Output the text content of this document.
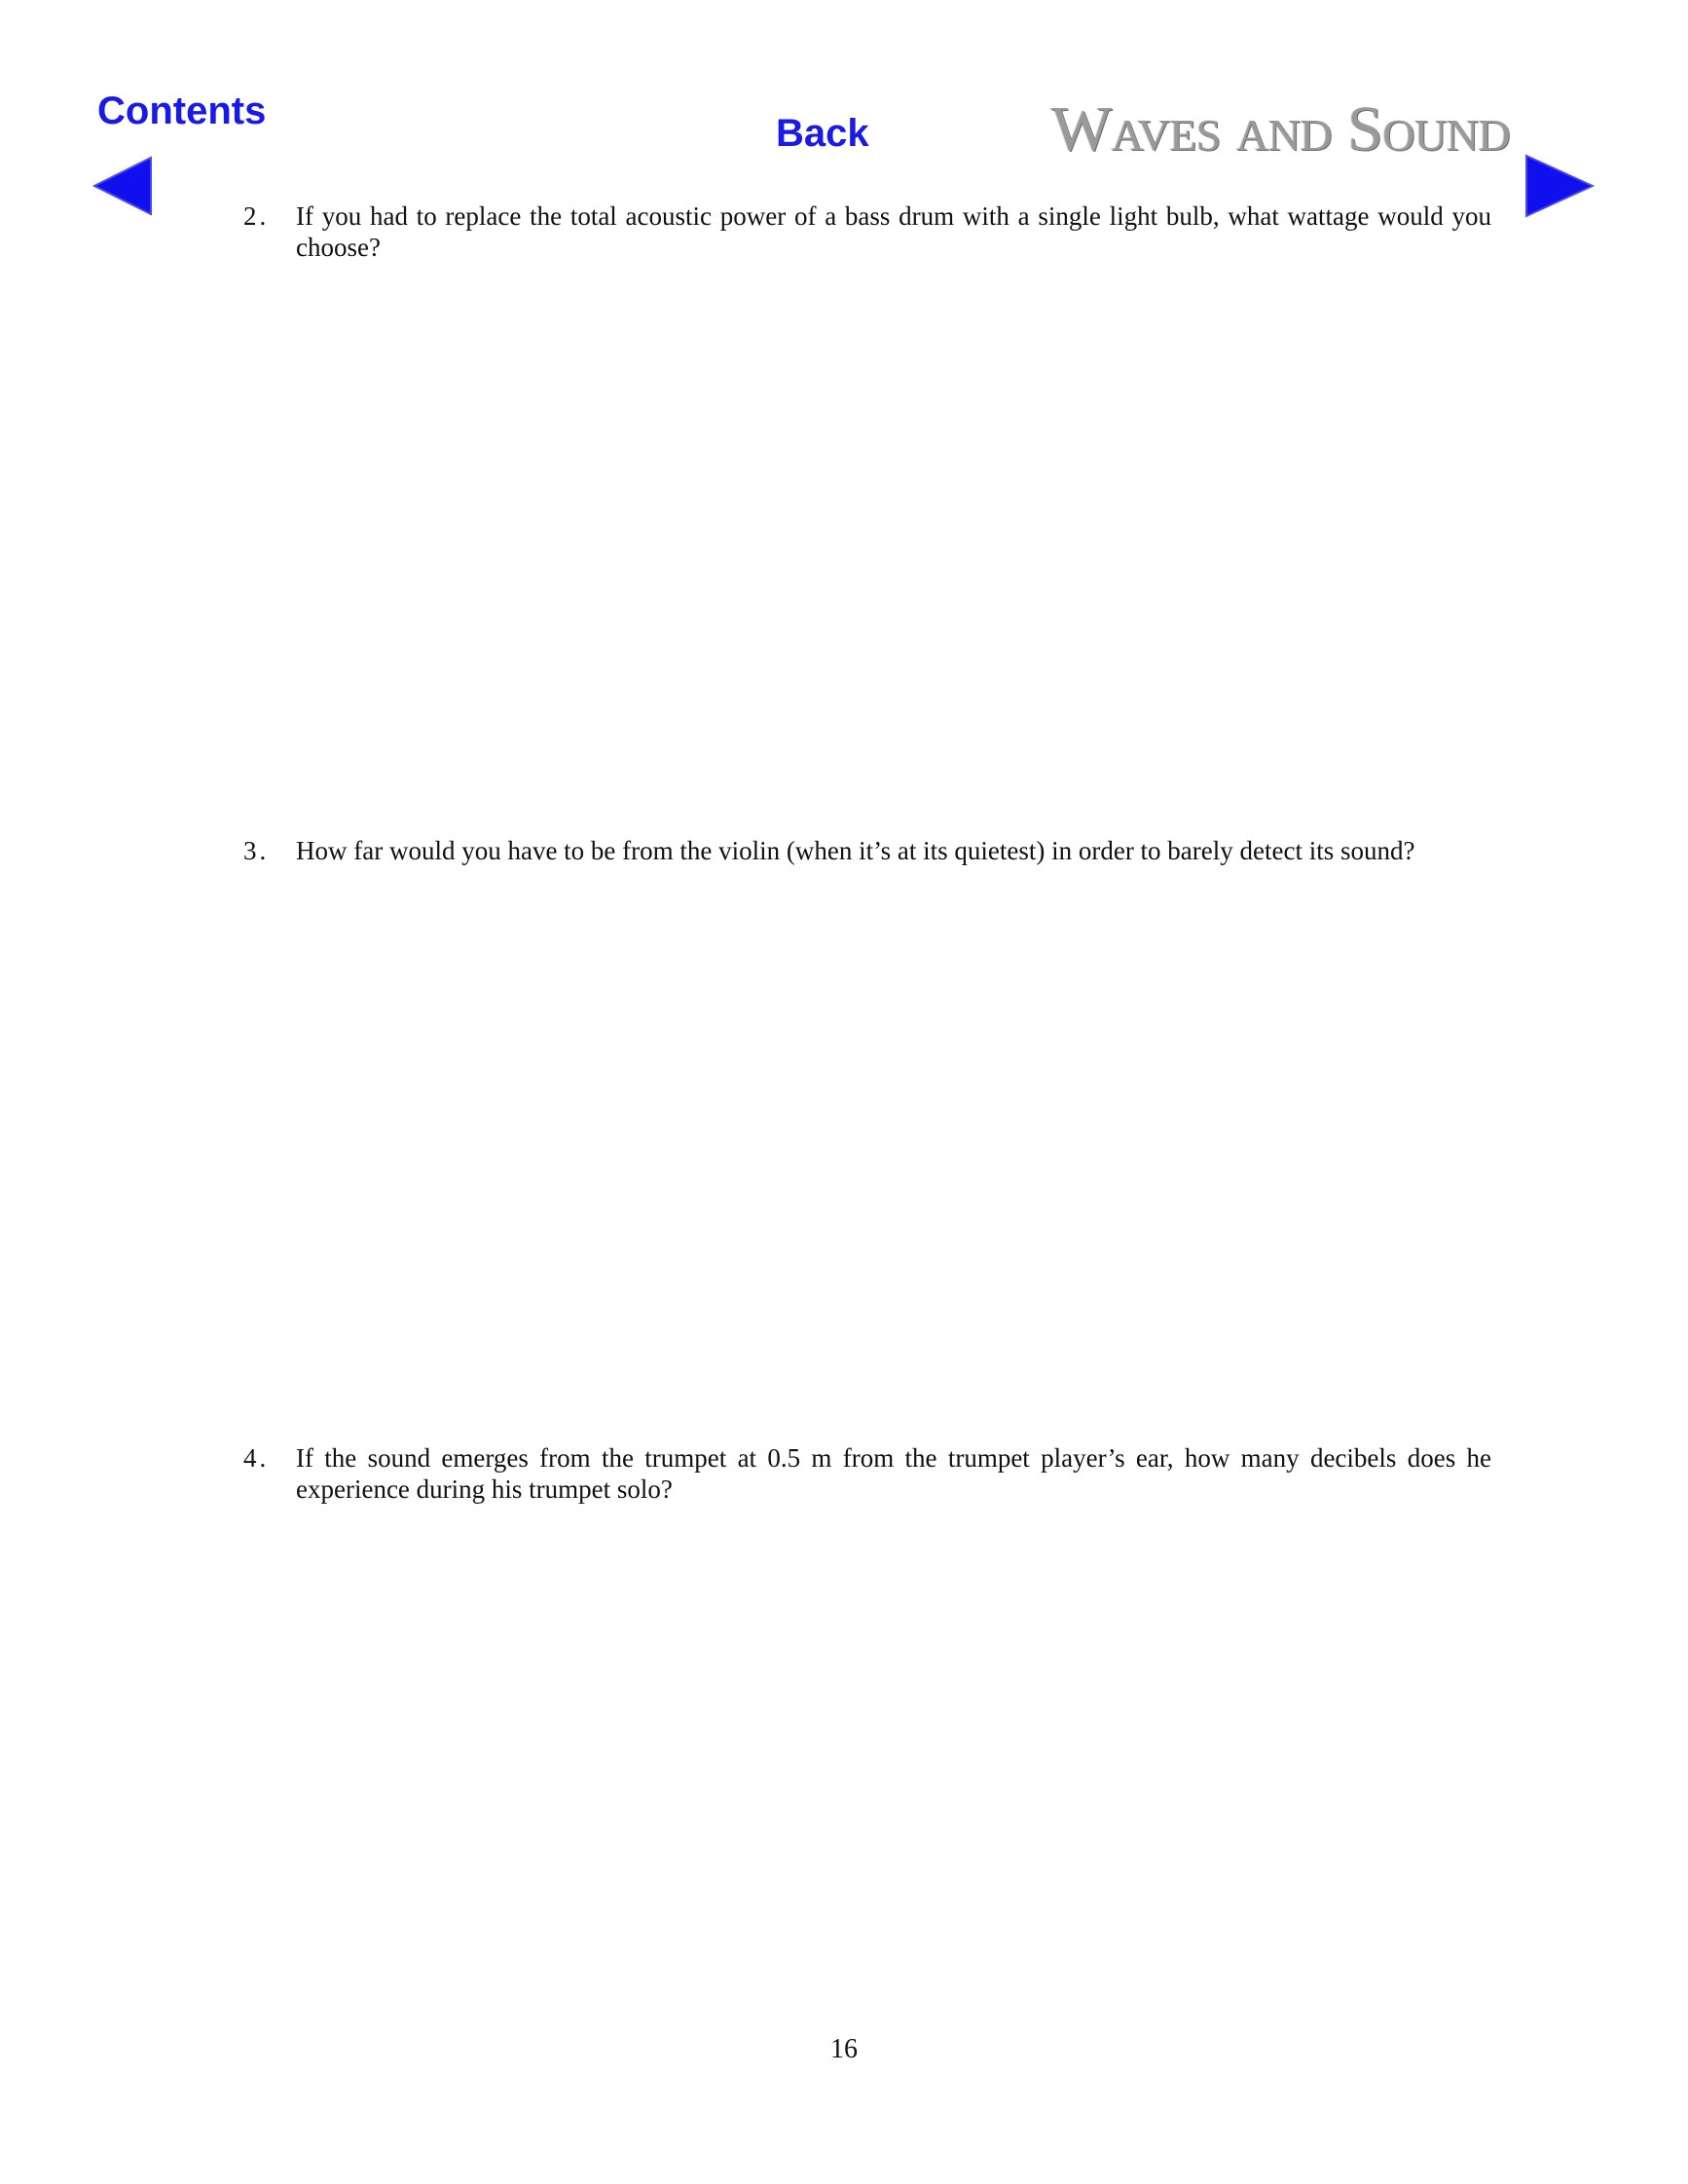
Contents
Back	Waves and Sound
2.	If you had to replace the total acoustic power of a bass drum with a single light bulb, what wattage would you choose?
3.	How far would you have to be from the violin (when it’s at its quietest) in order to barely detect its sound?
4.	If the sound emerges from the trumpet at 0.5 m from the trumpet player’s ear, how many decibels does he experience during his trumpet solo?
16
